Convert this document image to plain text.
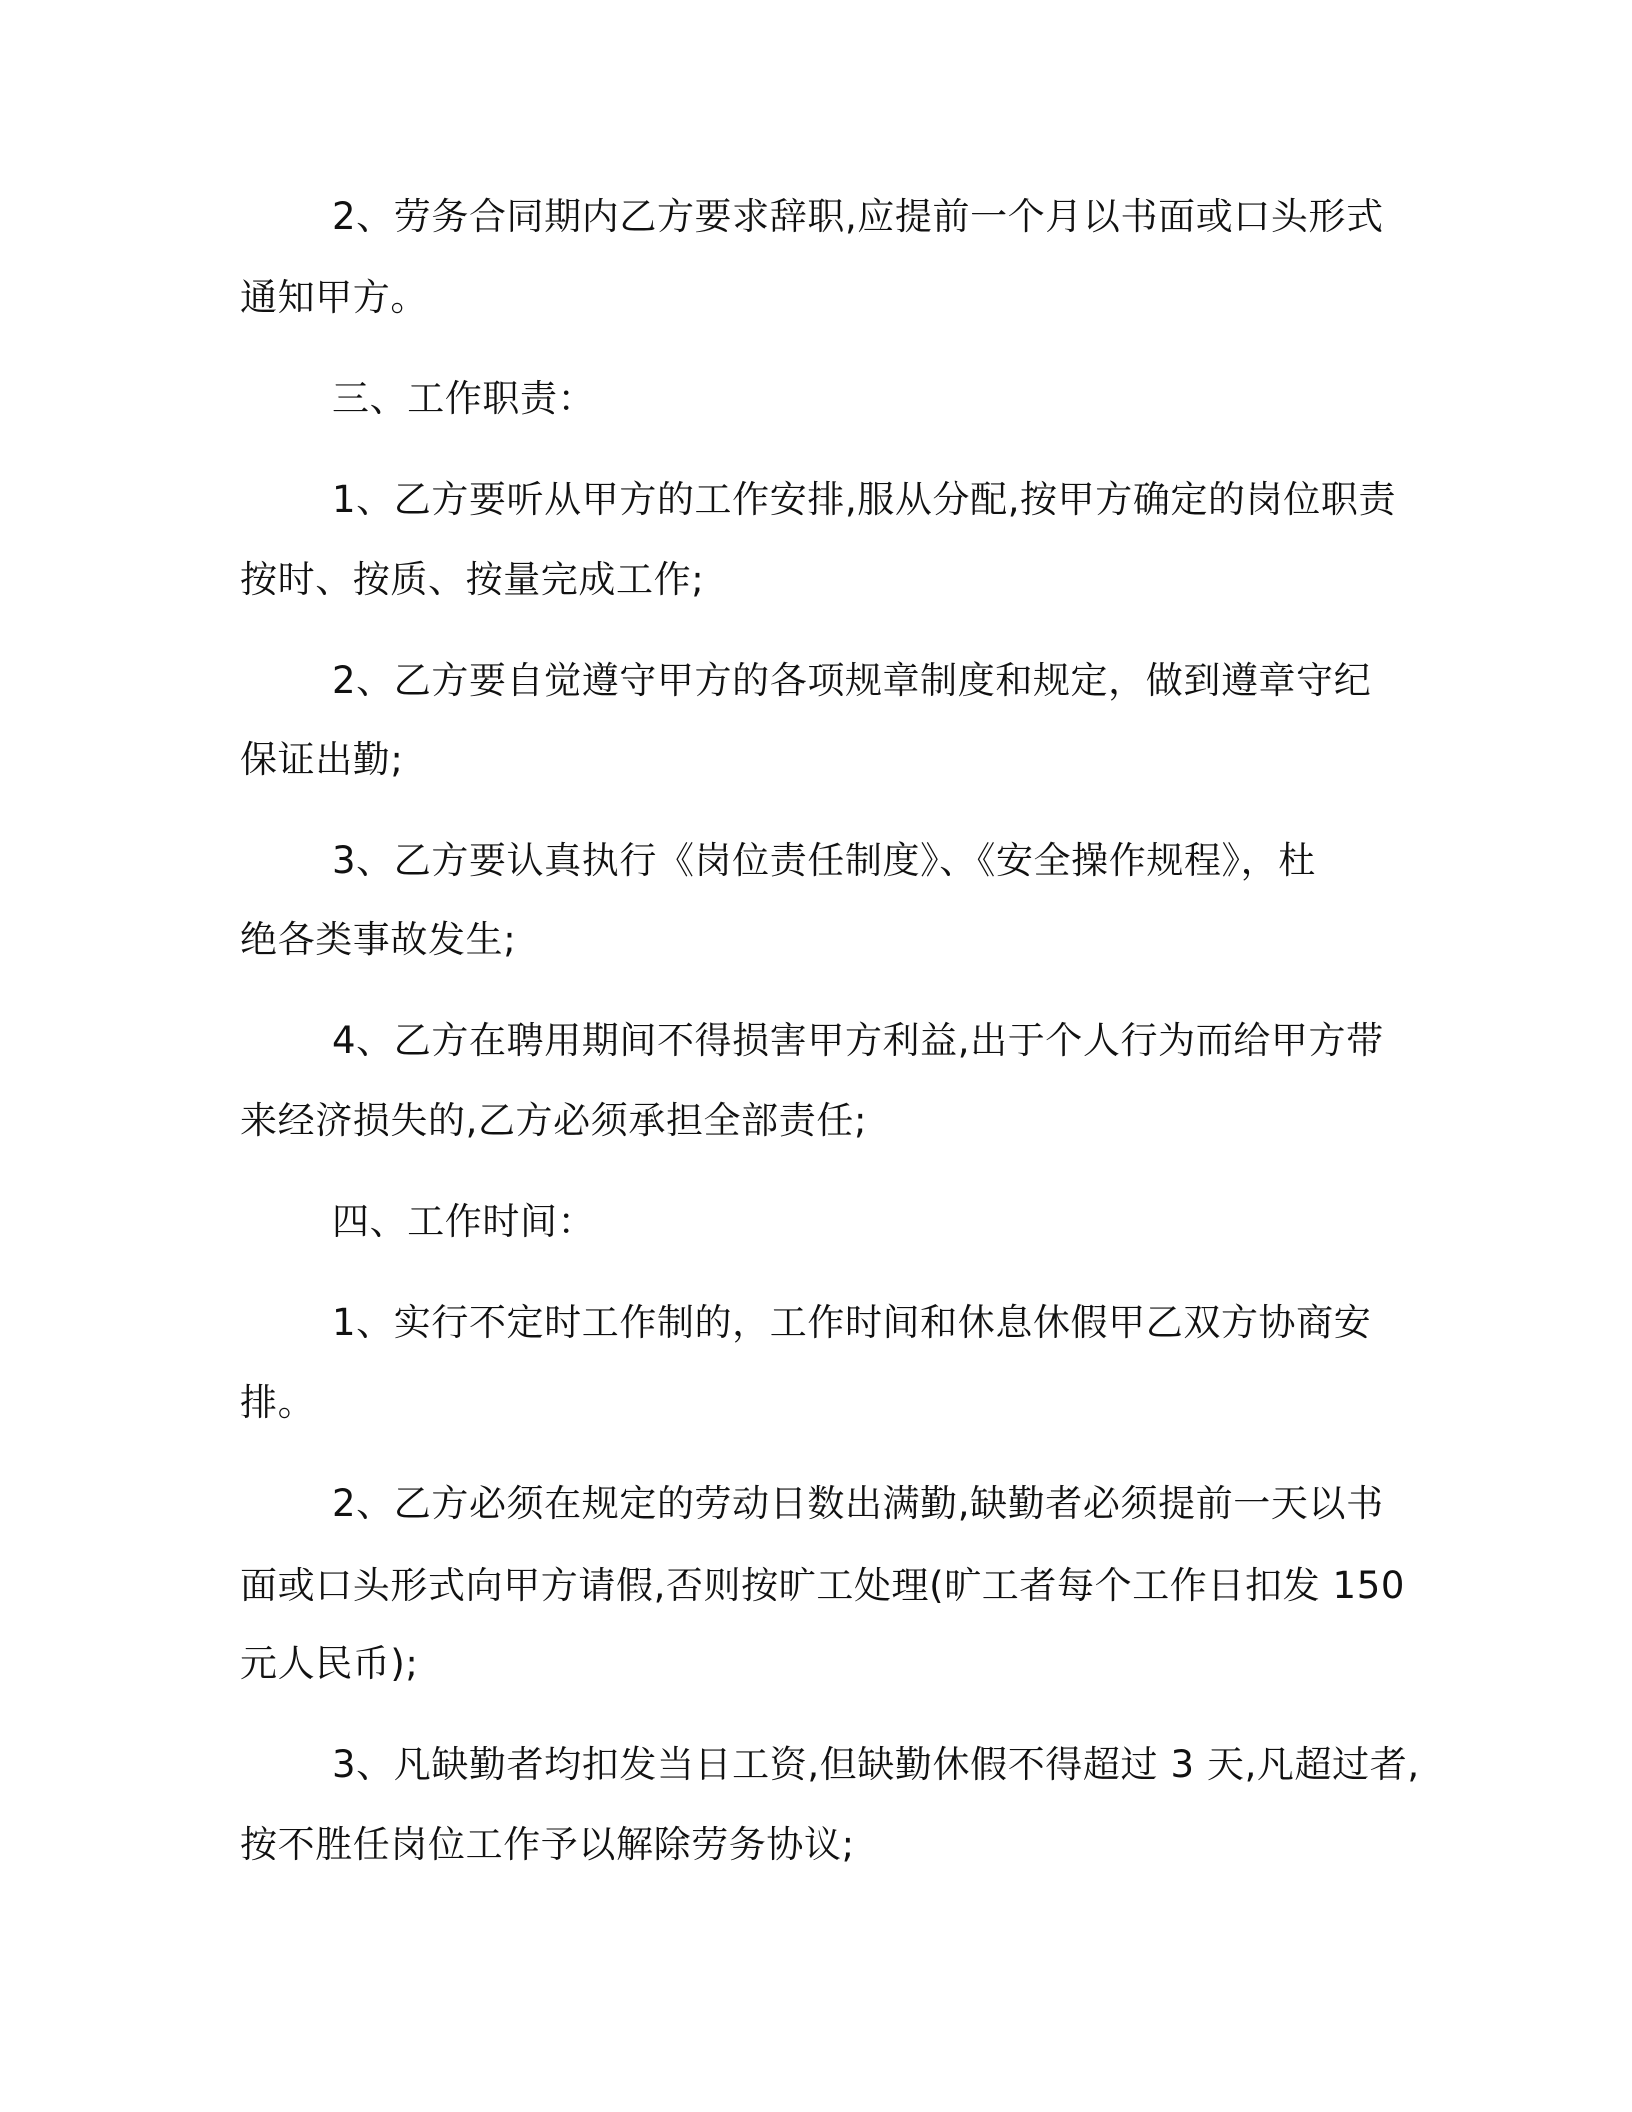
2、劳务合同期内乙方要求辞职,应提前一个月以书面或口头形式
通知甲方。
三、工作职责：
1、乙方要听从甲方的工作安排,服从分配,按甲方确定的岗位职责
按时、按质、按量完成工作;
2、乙方要自觉遵守甲方的各项规章制度和规定，做到遵章守纪
保证出勤;
3、乙方要认真执行《岗位责任制度》、《安全操作规程》，杜
绝各类事故发生;
4、乙方在聘用期间不得损害甲方利益,出于个人行为而给甲方带
来经济损失的,乙方必须承担全部责任;
四、工作时间：
1、实行不定时工作制的，工作时间和休息休假甲乙双方协商安
排。
2、乙方必须在规定的劳动日数出满勤,缺勤者必须提前一天以书
面或口头形式向甲方请假,否则按旷工处理(旷工者每个工作日扣发 150
元人民币);
3、凡缺勤者均扣发当日工资,但缺勤休假不得超过 3 天,凡超过者,
按不胜任岗位工作予以解除劳务协议;
